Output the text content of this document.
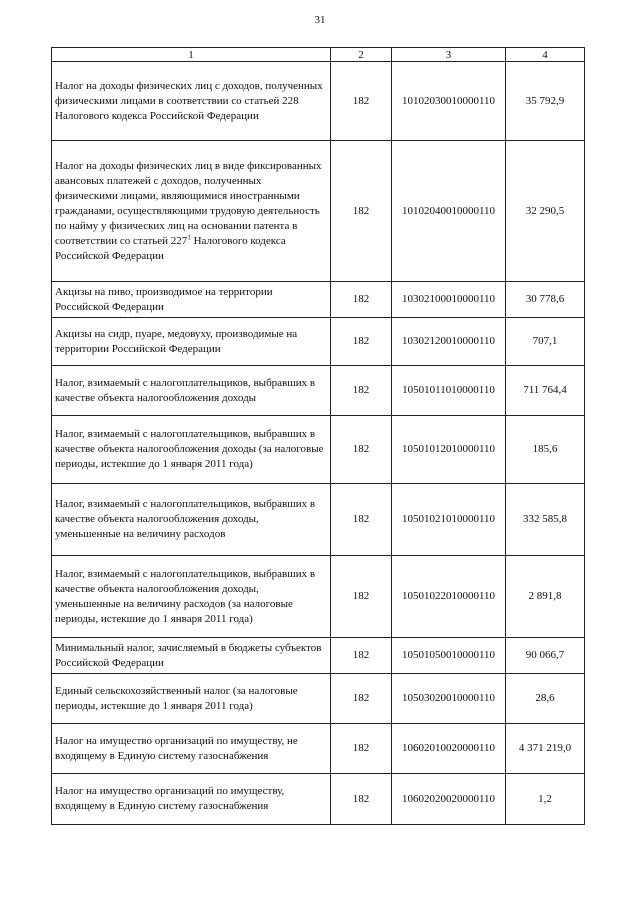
31
1	2	3	4
Налог на доходы физических лиц с доходов, полученных физическими лицами в соответствии со статьей 228 Налогового кодекса Российской Федерации	182	10102030010000110	35 792,9
Налог на доходы физических лиц в виде фиксированных авансовых платежей с доходов, полученных физическими лицами, являющимися иностранными гражданами, осуществляющими трудовую деятельность по найму у физических лиц на основании патента в соответствии со статьей $227^1$ Налогового кодекса Российской Федерации	182	10102040010000110	32 290,5
Акцизы на пиво, производимое на территории Российской Федерации	182	10302100010000110	30 778,6
Акцизы на сидр, пуаре, медовуху, производимые на территории Российской Федерации	182	10302120010000110	707,1
Налог, взимаемый с налогоплательщиков, выбравших в качестве объекта налогообложения доходы	182	10501011010000110	711 764,4
Налог, взимаемый с налогоплательщиков, выбравших в качестве объекта налогообложения доходы (за налоговые периоды, истекшие до 1 января 2011 года)	182	10501012010000110	185,6
Налог, взимаемый с налогоплательщиков, выбравших в качестве объекта налогообложения доходы, уменьшенные на величину расходов	182	10501021010000110	332 585,8
Налог, взимаемый с налогоплательщиков, выбравших в качестве объекта налогообложения доходы, уменьшенные на величину расходов (за налоговые периоды, истекшие до 1 января 2011 года)	182	10501022010000110	2 891,8
Минимальный налог, зачисляемый в бюджеты субъектов Российской Федерации	182	10501050010000110	90 066,7
Единый сельскохозяйственный налог (за налоговые периоды, истекшие до 1 января 2011 года)	182	10503020010000110	28,6
Налог на имущество организаций по имуществу, не входящему в Единую систему газоснабжения	182	10602010020000110	4 371 219,0
Налог на имущество организаций по имуществу, входящему в Единую систему газоснабжения	182	10602020020000110	1,2
